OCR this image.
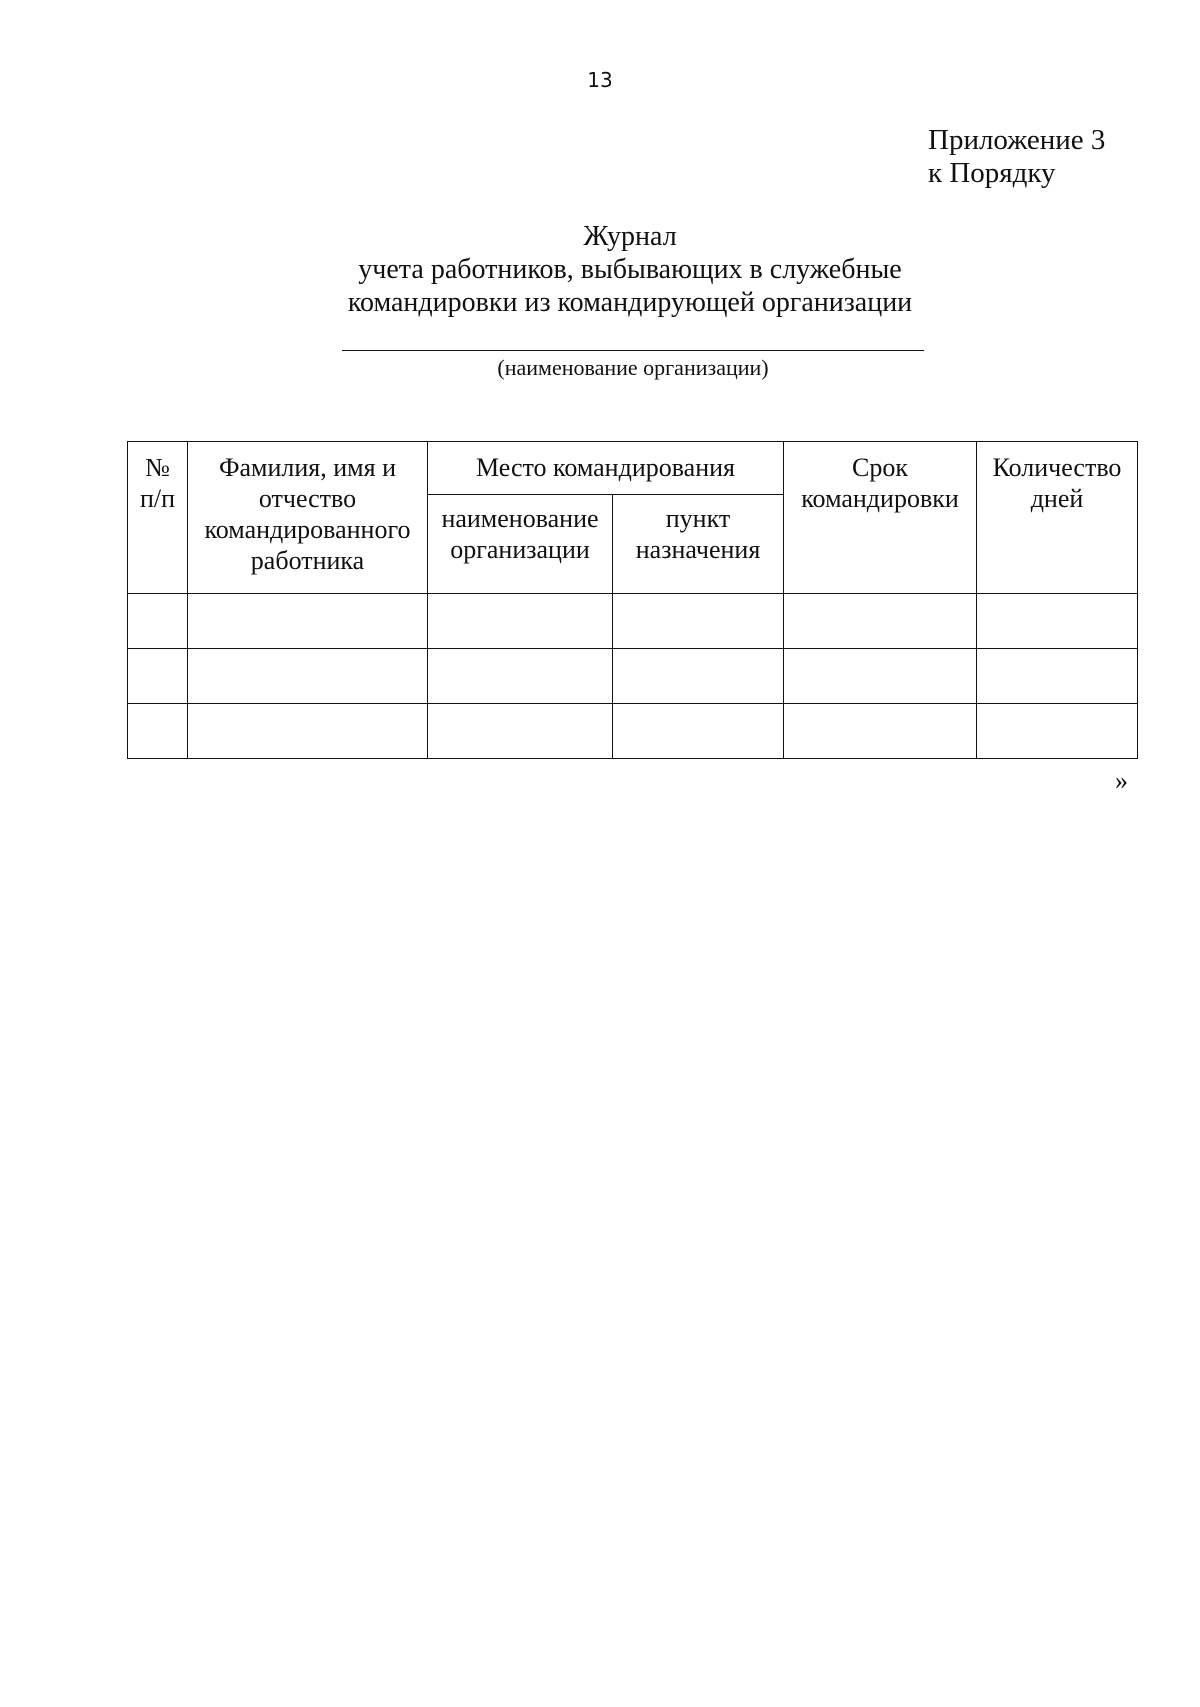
13
Приложение 3
к Порядку
Журнал
учета работников, выбывающих в служебные
командировки из командирующей организации
(наименование организации)
№ п/п	Фамилия, имя и отчество командированного работника	Место командирования		Срок командировки	Количество дней

		наименование организации	пункт назначения		

»
